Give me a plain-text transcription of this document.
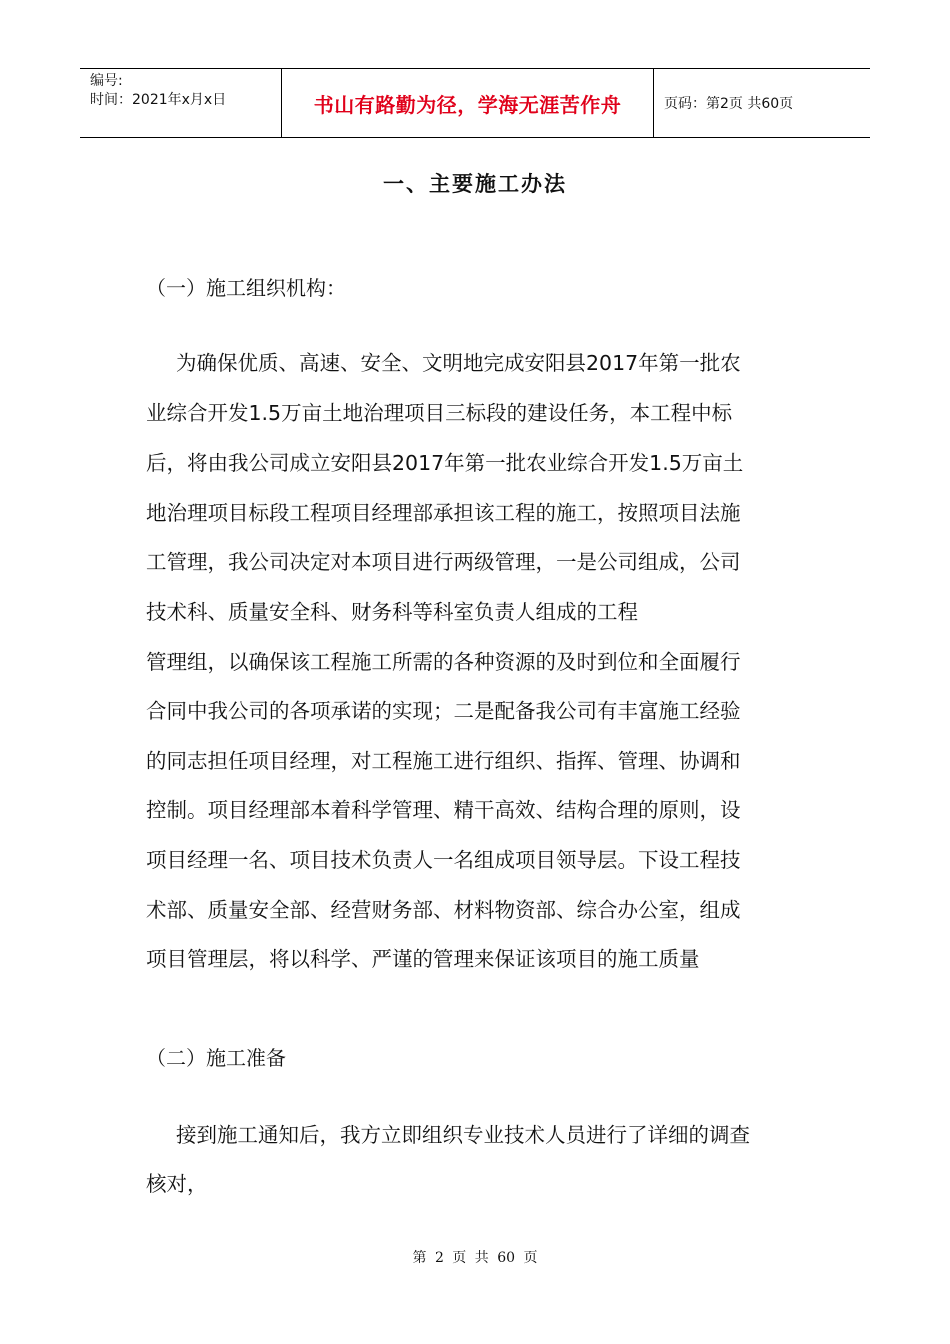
编号:
时间：2021年x月x日	书山有路勤为径，学海无涯苦作舟	页码：第2页 共60页
一、主要施工办法
（一）施工组织机构：
为确保优质、高速、安全、文明地完成安阳县2017年第一批农
业综合开发1.5万亩土地治理项目三标段的建设任务，本工程中标
后，将由我公司成立安阳县2017年第一批农业综合开发1.5万亩土
地治理项目标段工程项目经理部承担该工程的施工，按照项目法施
工管理，我公司决定对本项目进行两级管理，一是公司组成，公司
技术科、质量安全科、财务科等科室负责人组成的工程
管理组，以确保该工程施工所需的各种资源的及时到位和全面履行
合同中我公司的各项承诺的实现；二是配备我公司有丰富施工经验
的同志担任项目经理，对工程施工进行组织、指挥、管理、协调和
控制。项目经理部本着科学管理、精干高效、结构合理的原则，设
项目经理一名、项目技术负责人一名组成项目领导层。下设工程技
术部、质量安全部、经营财务部、材料物资部、综合办公室，组成
项目管理层，将以科学、严谨的管理来保证该项目的施工质量
（二）施工准备
接到施工通知后，我方立即组织专业技术人员进行了详细的调查
核对，
第 2 页 共 60 页
